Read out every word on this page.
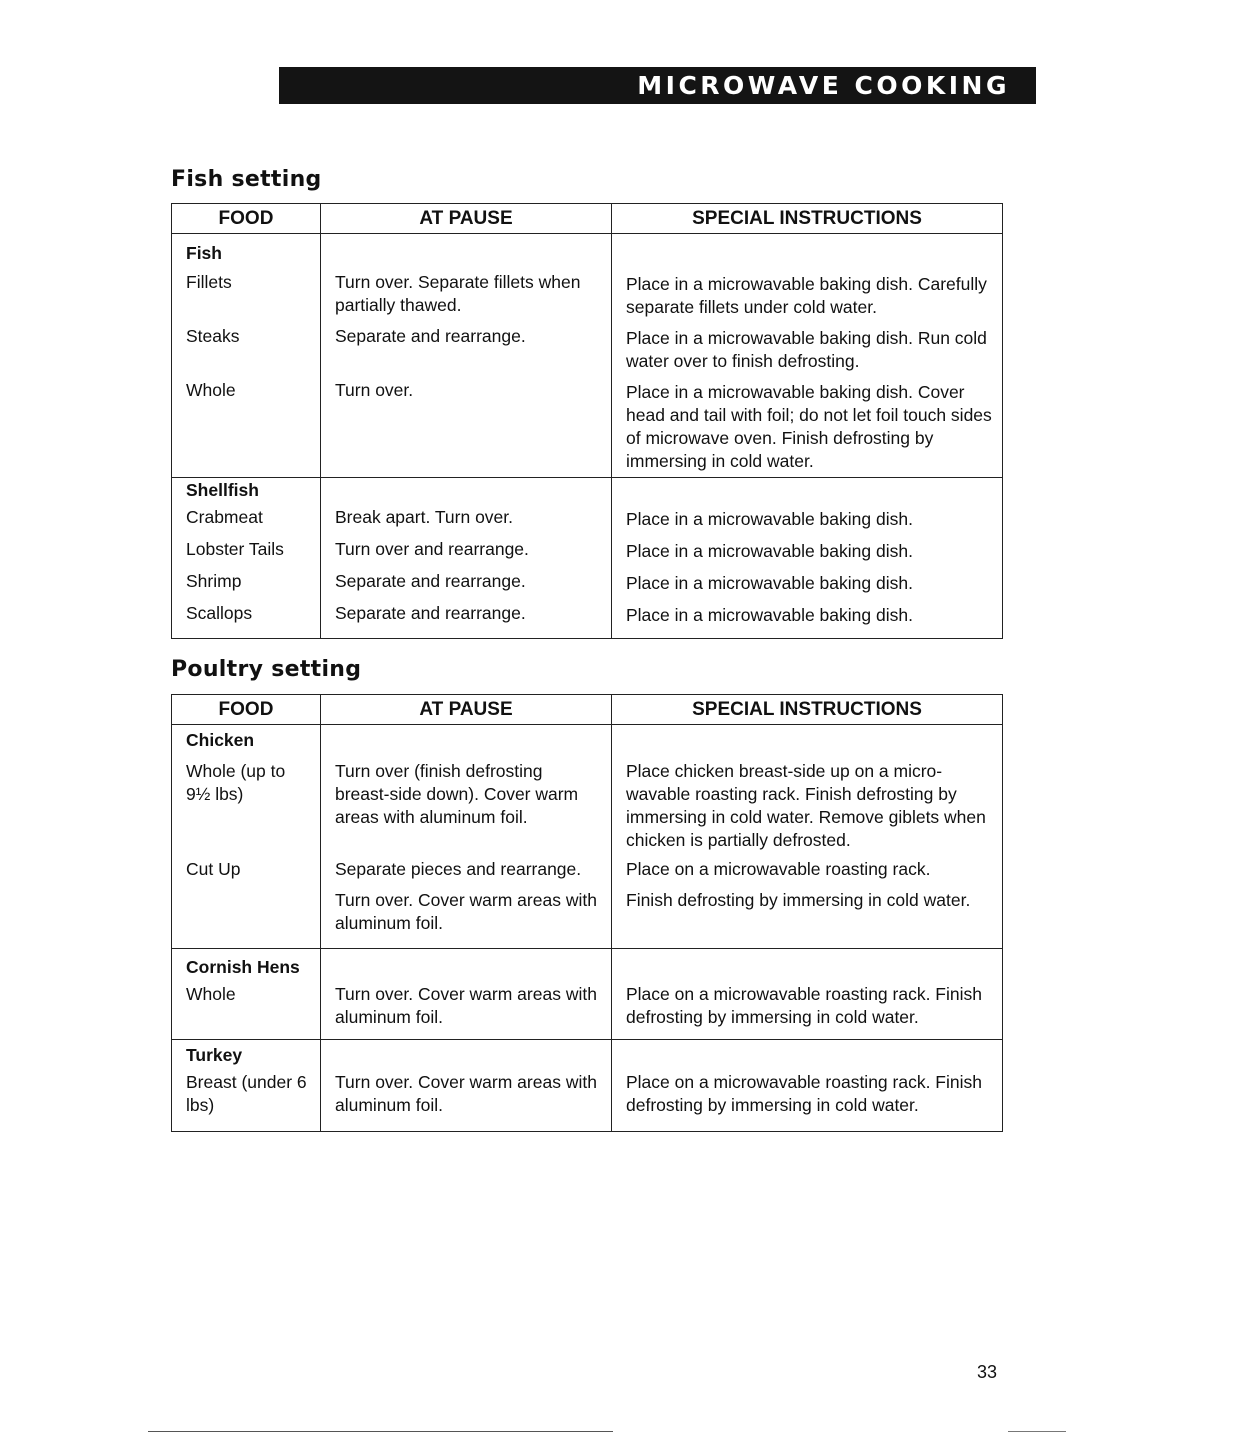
MICROWAVE COOKING
Fish setting
FOOD	AT PAUSE	SPECIAL INSTRUCTIONS
Fish		
Fillets	Turn over. Separate fillets when partially thawed.	Place in a microwavable baking dish. Carefully separate fillets under cold water.
Steaks	Separate and rearrange.	Place in a microwavable baking dish. Run cold water over to finish defrosting.
Whole	Turn over.	Place in a microwavable baking dish. Cover head and tail with foil; do not let foil touch sides of microwave oven. Finish defrosting by immersing in cold water.
Shellfish		
Crabmeat	Break apart. Turn over.	Place in a microwavable baking dish.
Lobster Tails	Turn over and rearrange.	Place in a microwavable baking dish.
Shrimp	Separate and rearrange.	Place in a microwavable baking dish.
Scallops	Separate and rearrange.	Place in a microwavable baking dish.
Poultry setting
FOOD	AT PAUSE	SPECIAL INSTRUCTIONS
Chicken		
Whole (up to 9½ lbs)	Turn over (finish defrosting breast-side down). Cover warm areas with aluminum foil.	Place chicken breast-side up on a micro-wavable roasting rack. Finish defrosting by immersing in cold water. Remove giblets when chicken is partially defrosted.
Cut Up	Separate pieces and rearrange.	Place on a microwavable roasting rack.
	Turn over. Cover warm areas with aluminum foil.	Finish defrosting by immersing in cold water.
Cornish Hens		
Whole	Turn over. Cover warm areas with aluminum foil.	Place on a microwavable roasting rack. Finish defrosting by immersing in cold water.
Turkey		
Breast (under 6 lbs)	Turn over. Cover warm areas with aluminum foil.	Place on a microwavable roasting rack. Finish defrosting by immersing in cold water.
33
